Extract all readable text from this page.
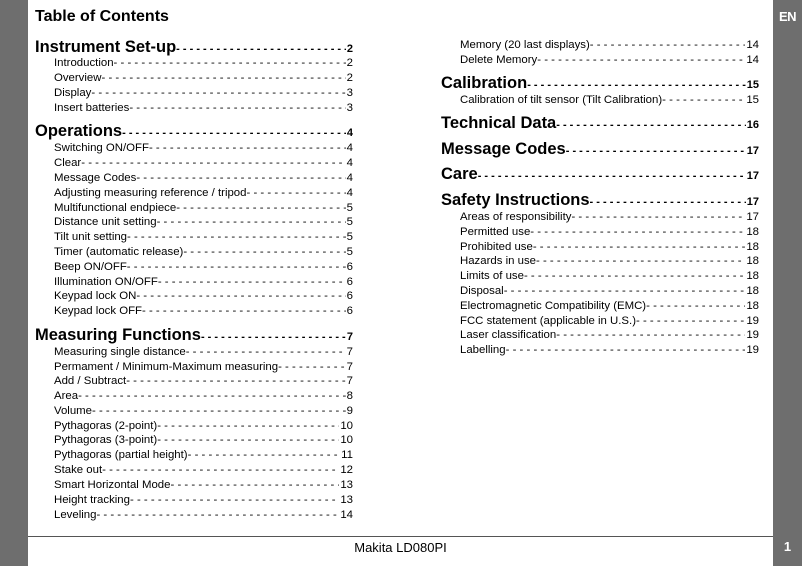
EN
Table of Contents
Instrument Set-up - - -	2
Introduction - - -	2
Overview - - -	2
Display - - -	3
Insert batteries - - -	3
Operations - - -	4
Switching ON/OFF - - -	4
Clear - - -	4
Message Codes - - -	4
Adjusting measuring reference / tripod - - -	4
Multifunctional endpiece - - -	5
Distance unit setting - - -	5
Tilt unit setting - - -	5
Timer (automatic release) - - -	5
Beep ON/OFF - - -	6
Illumination ON/OFF - - -	6
Keypad lock ON - - -	6
Keypad lock OFF - - -	6
Measuring Functions - - -	7
Measuring single distance - - -	7
Permament / Minimum-Maximum measuring - - -	7
Add / Subtract - - -	7
Area - - -	8
Volume - - -	9
Pythagoras (2-point) - - -	10
Pythagoras (3-point) - - -	10
Pythagoras (partial height) - - -	11
Stake out - - -	12
Smart Horizontal Mode - - -	13
Height tracking - - -	13
Leveling - - -	14
Memory (20 last displays) - - -	14
Delete Memory - - -	14
Calibration - - -	15
Calibration of tilt sensor (Tilt Calibration) - - -	15
Technical Data - - -	16
Message Codes - - -	17
Care - - -	17
Safety Instructions - - -	17
Areas of responsibility - - -	17
Permitted use - - -	18
Prohibited use - - -	18
Hazards in use - - -	18
Limits of use - - -	18
Disposal - - -	18
Electromagnetic Compatibility (EMC) - - -	18
FCC statement (applicable in U.S.) - - -	19
Laser classification - - -	19
Labelling - - -	19
Makita LD080PI	1
